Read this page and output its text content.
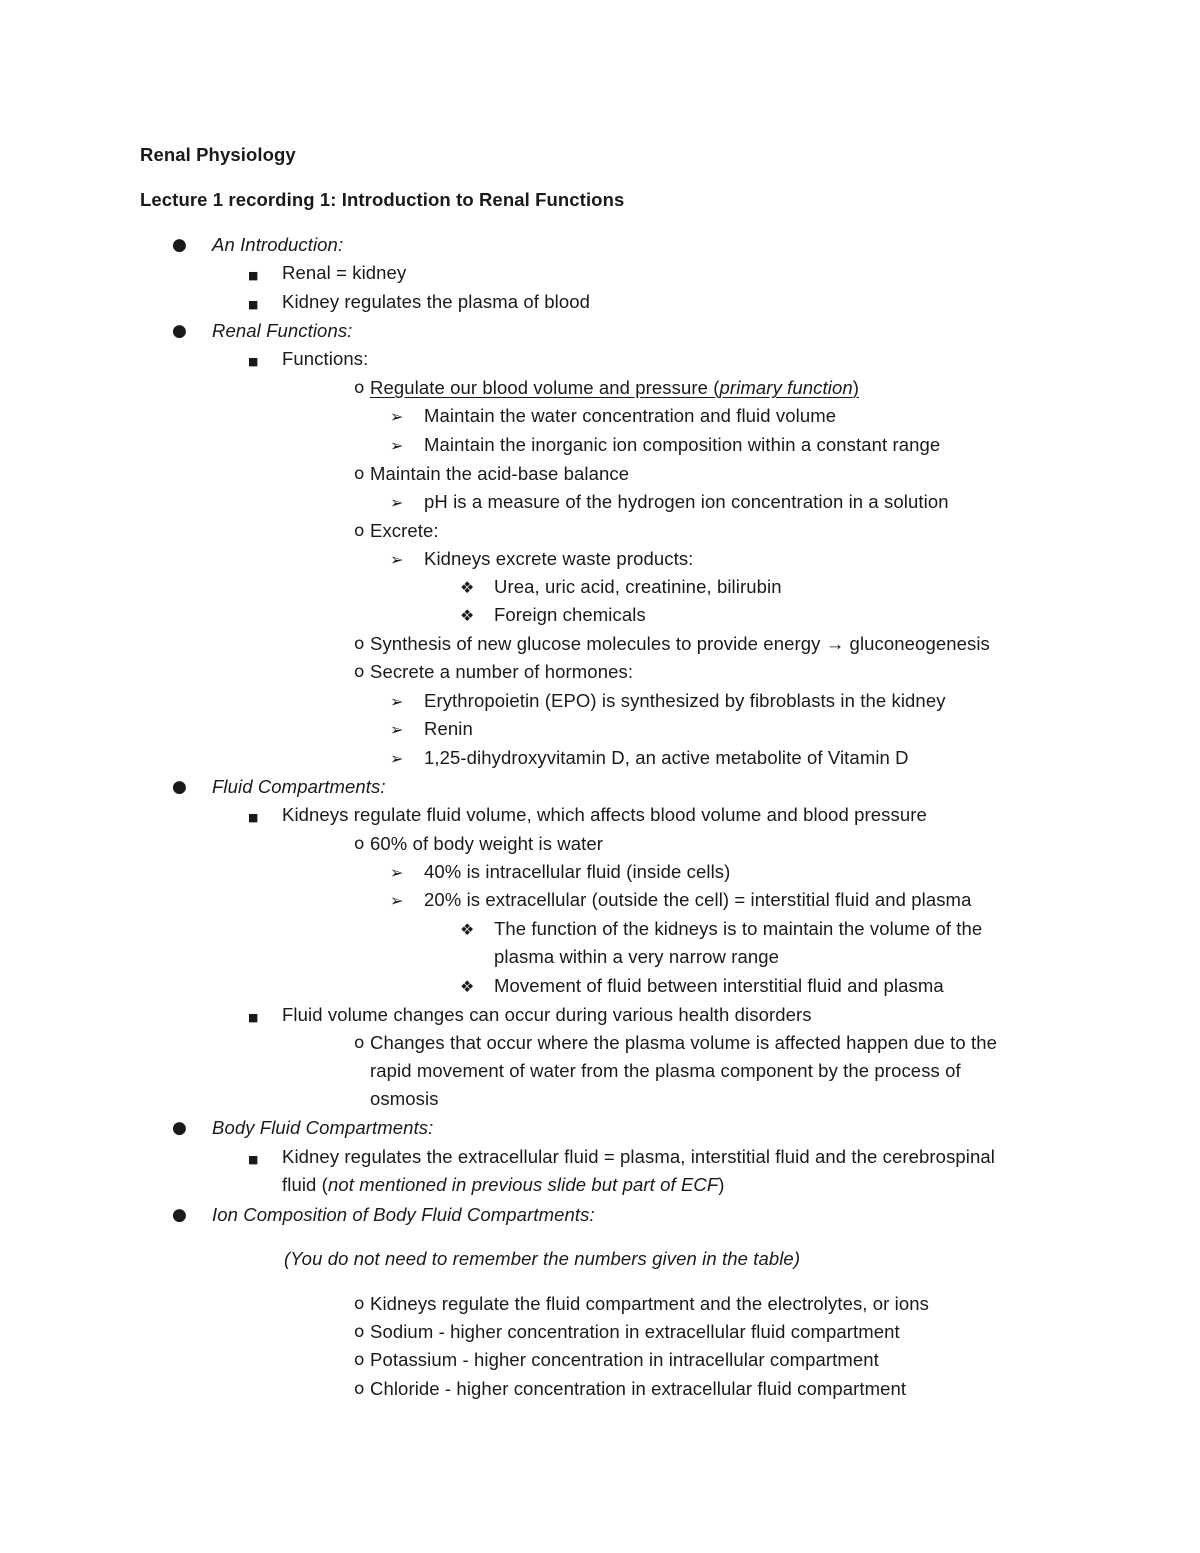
Renal Physiology
Lecture 1 recording 1: Introduction to Renal Functions
● An Introduction:
■ Renal = kidney
■ Kidney regulates the plasma of blood
● Renal Functions:
■ Functions:
o Regulate our blood volume and pressure (primary function)
➢ Maintain the water concentration and fluid volume
➢ Maintain the inorganic ion composition within a constant range
o Maintain the acid-base balance
➢ pH is a measure of the hydrogen ion concentration in a solution
o Excrete:
➢ Kidneys excrete waste products:
❖ Urea, uric acid, creatinine, bilirubin
❖ Foreign chemicals
o Synthesis of new glucose molecules to provide energy → gluconeogenesis
o Secrete a number of hormones:
➢ Erythropoietin (EPO) is synthesized by fibroblasts in the kidney
➢ Renin
➢ 1,25-dihydroxyvitamin D, an active metabolite of Vitamin D
● Fluid Compartments:
■ Kidneys regulate fluid volume, which affects blood volume and blood pressure
o 60% of body weight is water
➢ 40% is intracellular fluid (inside cells)
➢ 20% is extracellular (outside the cell) = interstitial fluid and plasma
❖ The function of the kidneys is to maintain the volume of the
plasma within a very narrow range
❖ Movement of fluid between interstitial fluid and plasma
■ Fluid volume changes can occur during various health disorders
o Changes that occur where the plasma volume is affected happen due to the
rapid movement of water from the plasma component by the process of
osmosis
● Body Fluid Compartments:
■ Kidney regulates the extracellular fluid = plasma, interstitial fluid and the cerebrospinal
fluid (not mentioned in previous slide but part of ECF)
● Ion Composition of Body Fluid Compartments:
(You do not need to remember the numbers given in the table)
o Kidneys regulate the fluid compartment and the electrolytes, or ions
o Sodium - higher concentration in extracellular fluid compartment
o Potassium - higher concentration in intracellular compartment
o Chloride - higher concentration in extracellular fluid compartment
